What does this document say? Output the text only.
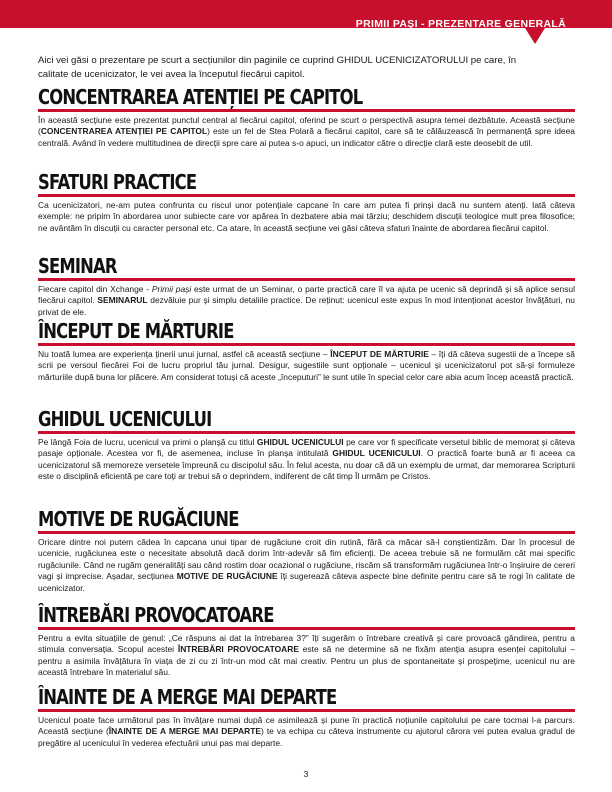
PRIMII PAȘI - PREZENTARE GENERALĂ
Aici vei găsi o prezentare pe scurt a secțiunilor din paginile ce cuprind GHIDUL UCENICIZATORULUI pe care, în calitate de ucenicizator, le vei avea la începutul fiecărui capitol.
CONCENTRAREA ATENȚIEI PE CAPITOL

În această secțiune este prezentat punctul central al fiecărui capitol, oferind pe scurt o perspectivă asupra temei dezbătute. Această secțiune (CONCENTRAREA ATENȚIEI PE CAPITOL) este un fel de Stea Polară a fiecărui capitol, care să te călăuzească în permanență spre ideea centrală. Având în vedere multitudinea de direcții spre care ai putea s-o apuci, un indicator către o direcție clară este deosebit de util.

SFATURI PRACTICE

Ca ucenicizatori, ne-am putea confrunta cu riscul unor potențiale capcane în care am putea fi prinși dacă nu suntem atenți. Iată câteva exemple: ne pripim în abordarea unor subiecte care vor apărea în dezbatere abia mai târziu; deschidem discuții teologice mult prea filosofice; ne avântăm în discuții cu caracter personal etc. Ca atare, în această secțiune vei găsi câteva sfaturi înainte de abordarea fiecărui capitol.

SEMINAR

Fiecare capitol din Xchange - Primii pași este urmat de un Seminar, o parte practică care îl va ajuta pe ucenic să deprindă și să aplice sensul fiecărui capitol. SEMINARUL dezvăluie pur și simplu detaliile practice. De reținut: ucenicul este expus în mod intenționat acestor învățături, nu privat de ele.

ÎNCEPUT DE MĂRTURIE

Nu toată lumea are experiența ținerii unui jurnal, astfel că această secțiune – ÎNCEPUT DE MĂRTURIE – îți dă câteva sugestii de a începe să scrii pe versoul fiecărei Foi de lucru propriul tău jurnal. Desigur, sugestiile sunt opționale – ucenicul și ucenicizatorul pot să-și formuleze mărturiile după buna lor plăcere. Am considerat totuși că aceste „începuturi” le sunt utile în special celor care abia acum încep această practică.

GHIDUL UCENICULUI

Pe lângă Foia de lucru, ucenicul va primi o planșă cu titlul GHIDUL UCENICULUI pe care vor fi specificate versetul biblic de memorat și câteva pasaje opționale. Acestea vor fi, de asemenea, incluse în planșa intitulată GHIDUL UCENICULUI. O practică foarte bună ar fi aceea ca ucenicizatorul să memoreze versetele împreună cu discipolul său. În felul acesta, nu doar că dă un exemplu de urmat, dar memorarea Scripturii este o disciplină eficientă pe care toți ar trebui să o deprindem, indiferent de cât timp Îl urmăm pe Cristos.

MOTIVE DE RUGĂCIUNE

Oricare dintre noi putem cădea în capcana unui tipar de rugăciune croit din rutină, fără ca măcar să-l conștientizăm. Dar în procesul de ucenicie, rugăciunea este o necesitate absolută dacă dorim într-adevăr să fim eficienți. De aceea trebuie să ne formulăm cât mai specific rugăciunile. Când ne rugăm generalități sau când rostim doar ocazional o rugăciune, riscăm să transformăm rugăciunea într-o înșiruire de cereri vagi și imprecise. Așadar, secțiunea MOTIVE DE RUGĂCIUNE îți sugerează câteva aspecte bine definite pentru care să te rogi în calitate de ucenicizator.

ÎNTREBĂRI PROVOCATOARE

Pentru a evita situațiile de genul: „Ce răspuns ai dat la întrebarea 3?” îți sugerăm o întrebare creativă și care provoacă gândirea, pentru a stimula conversația. Scopul acestei ÎNTREBĂRI PROVOCATOARE este să ne determine să ne fixăm atenția asupra esenței capitolului – pentru a asimila învățătura în viața de zi cu zi într-un mod cât mai creativ. Pentru un plus de spontaneitate și prospețime, ucenicul nu are această întrebare în materialul său.

ÎNAINTE DE A MERGE MAI DEPARTE

Ucenicul poate face următorul pas în învățare numai după ce asimilează și pune în practică noțiunile capitolului pe care tocmai l-a parcurs. Această secțiune (ÎNAINTE DE A MERGE MAI DEPARTE) te va echipa cu câteva instrumente cu ajutorul cărora vei putea evalua gradul de pregătire al ucenicului în vederea efectuării unui pas mai departe.

3
